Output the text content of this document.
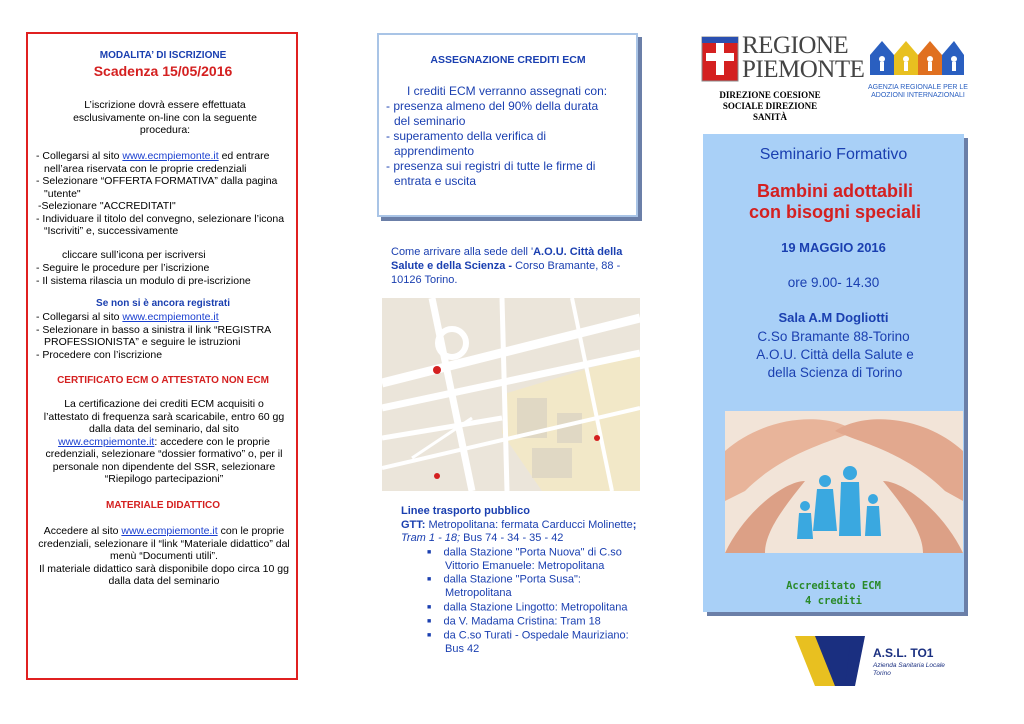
MODALITA’ DI ISCRIZIONE
Scadenza 15/05/2016
L’iscrizione dovrà essere effettuata esclusivamente on-line con la seguente procedura:
- Collegarsi al sito www.ecmpiemonte.it ed entrare nell’area riservata con le proprie credenziali
- Selezionare “OFFERTA FORMATIVA” dalla pagina "utente"
-Selezionare "ACCREDITATI"
- Individuare il titolo del convegno, selezionare l’icona “Iscriviti” e, successivamente
cliccare sull’icona per iscriversi
- Seguire le procedure per l’iscrizione
- Il sistema rilascia un modulo di pre-iscrizione
Se non si è ancora registrati
- Collegarsi al sito www.ecmpiemonte.it
- Selezionare in basso a sinistra il link “REGISTRA PROFESSIONISTA” e seguire le istruzioni
- Procedere con l’iscrizione
CERTIFICATO ECM O ATTESTATO NON ECM
La certificazione dei crediti ECM acquisiti o l’attestato di frequenza sarà scaricabile, entro 60 gg dalla data del seminario, dal sito www.ecmpiemonte.it: accedere con le proprie credenziali, selezionare “dossier formativo” o, per il personale non dipendente del SSR, selezionare “Riepilogo partecipazioni”
MATERIALE DIDATTICO
Accedere al sito www.ecmpiemonte.it con le proprie credenziali, selezionare il “link “Materiale didattico” dal menù “Documenti utili”.
Il materiale didattico sarà disponibile dopo circa 10 gg dalla data del seminario
ASSEGNAZIONE CREDITI ECM
I crediti ECM verranno assegnati con:
- presenza almeno del 90% della durata del seminario
- superamento della verifica di apprendimento
- presenza sui registri di tutte le firme di entrata e uscita
Come arrivare alla sede dell 'A.O.U. Città della Salute e della Scienza - Corso Bramante, 88 - 10126 Torino.
Linee trasporto pubblico
GTT: Metropolitana: fermata Carducci Molinette; Tram 1 - 18; Bus 74 - 34 - 35 - 42
■ dalla Stazione "Porta Nuova" di C.so Vittorio Emanuele: Metropolitana
■ dalla Stazione "Porta Susa": Metropolitana
■ dalla Stazione Lingotto: Metropolitana
■ da V. Madama Cristina: Tram 18
■ da C.so Turati - Ospedale Mauriziano: Bus 42
REGIONE
PIEMONTE
DIREZIONE COESIONE SOCIALE DIREZIONE SANITÀ
AGENZIA REGIONALE PER LE ADOZIONI INTERNAZIONALI
Seminario Formativo
Bambini adottabili con bisogni speciali
19 MAGGIO 2016
ore 9.00- 14.30
Sala A.M Dogliotti
C.So Bramante 88-Torino
A.O.U. Città della Salute e della Scienza di Torino
Accreditato ECM
4 crediti
A.S.L. TO1
Azienda Sanitaria Locale Torino
